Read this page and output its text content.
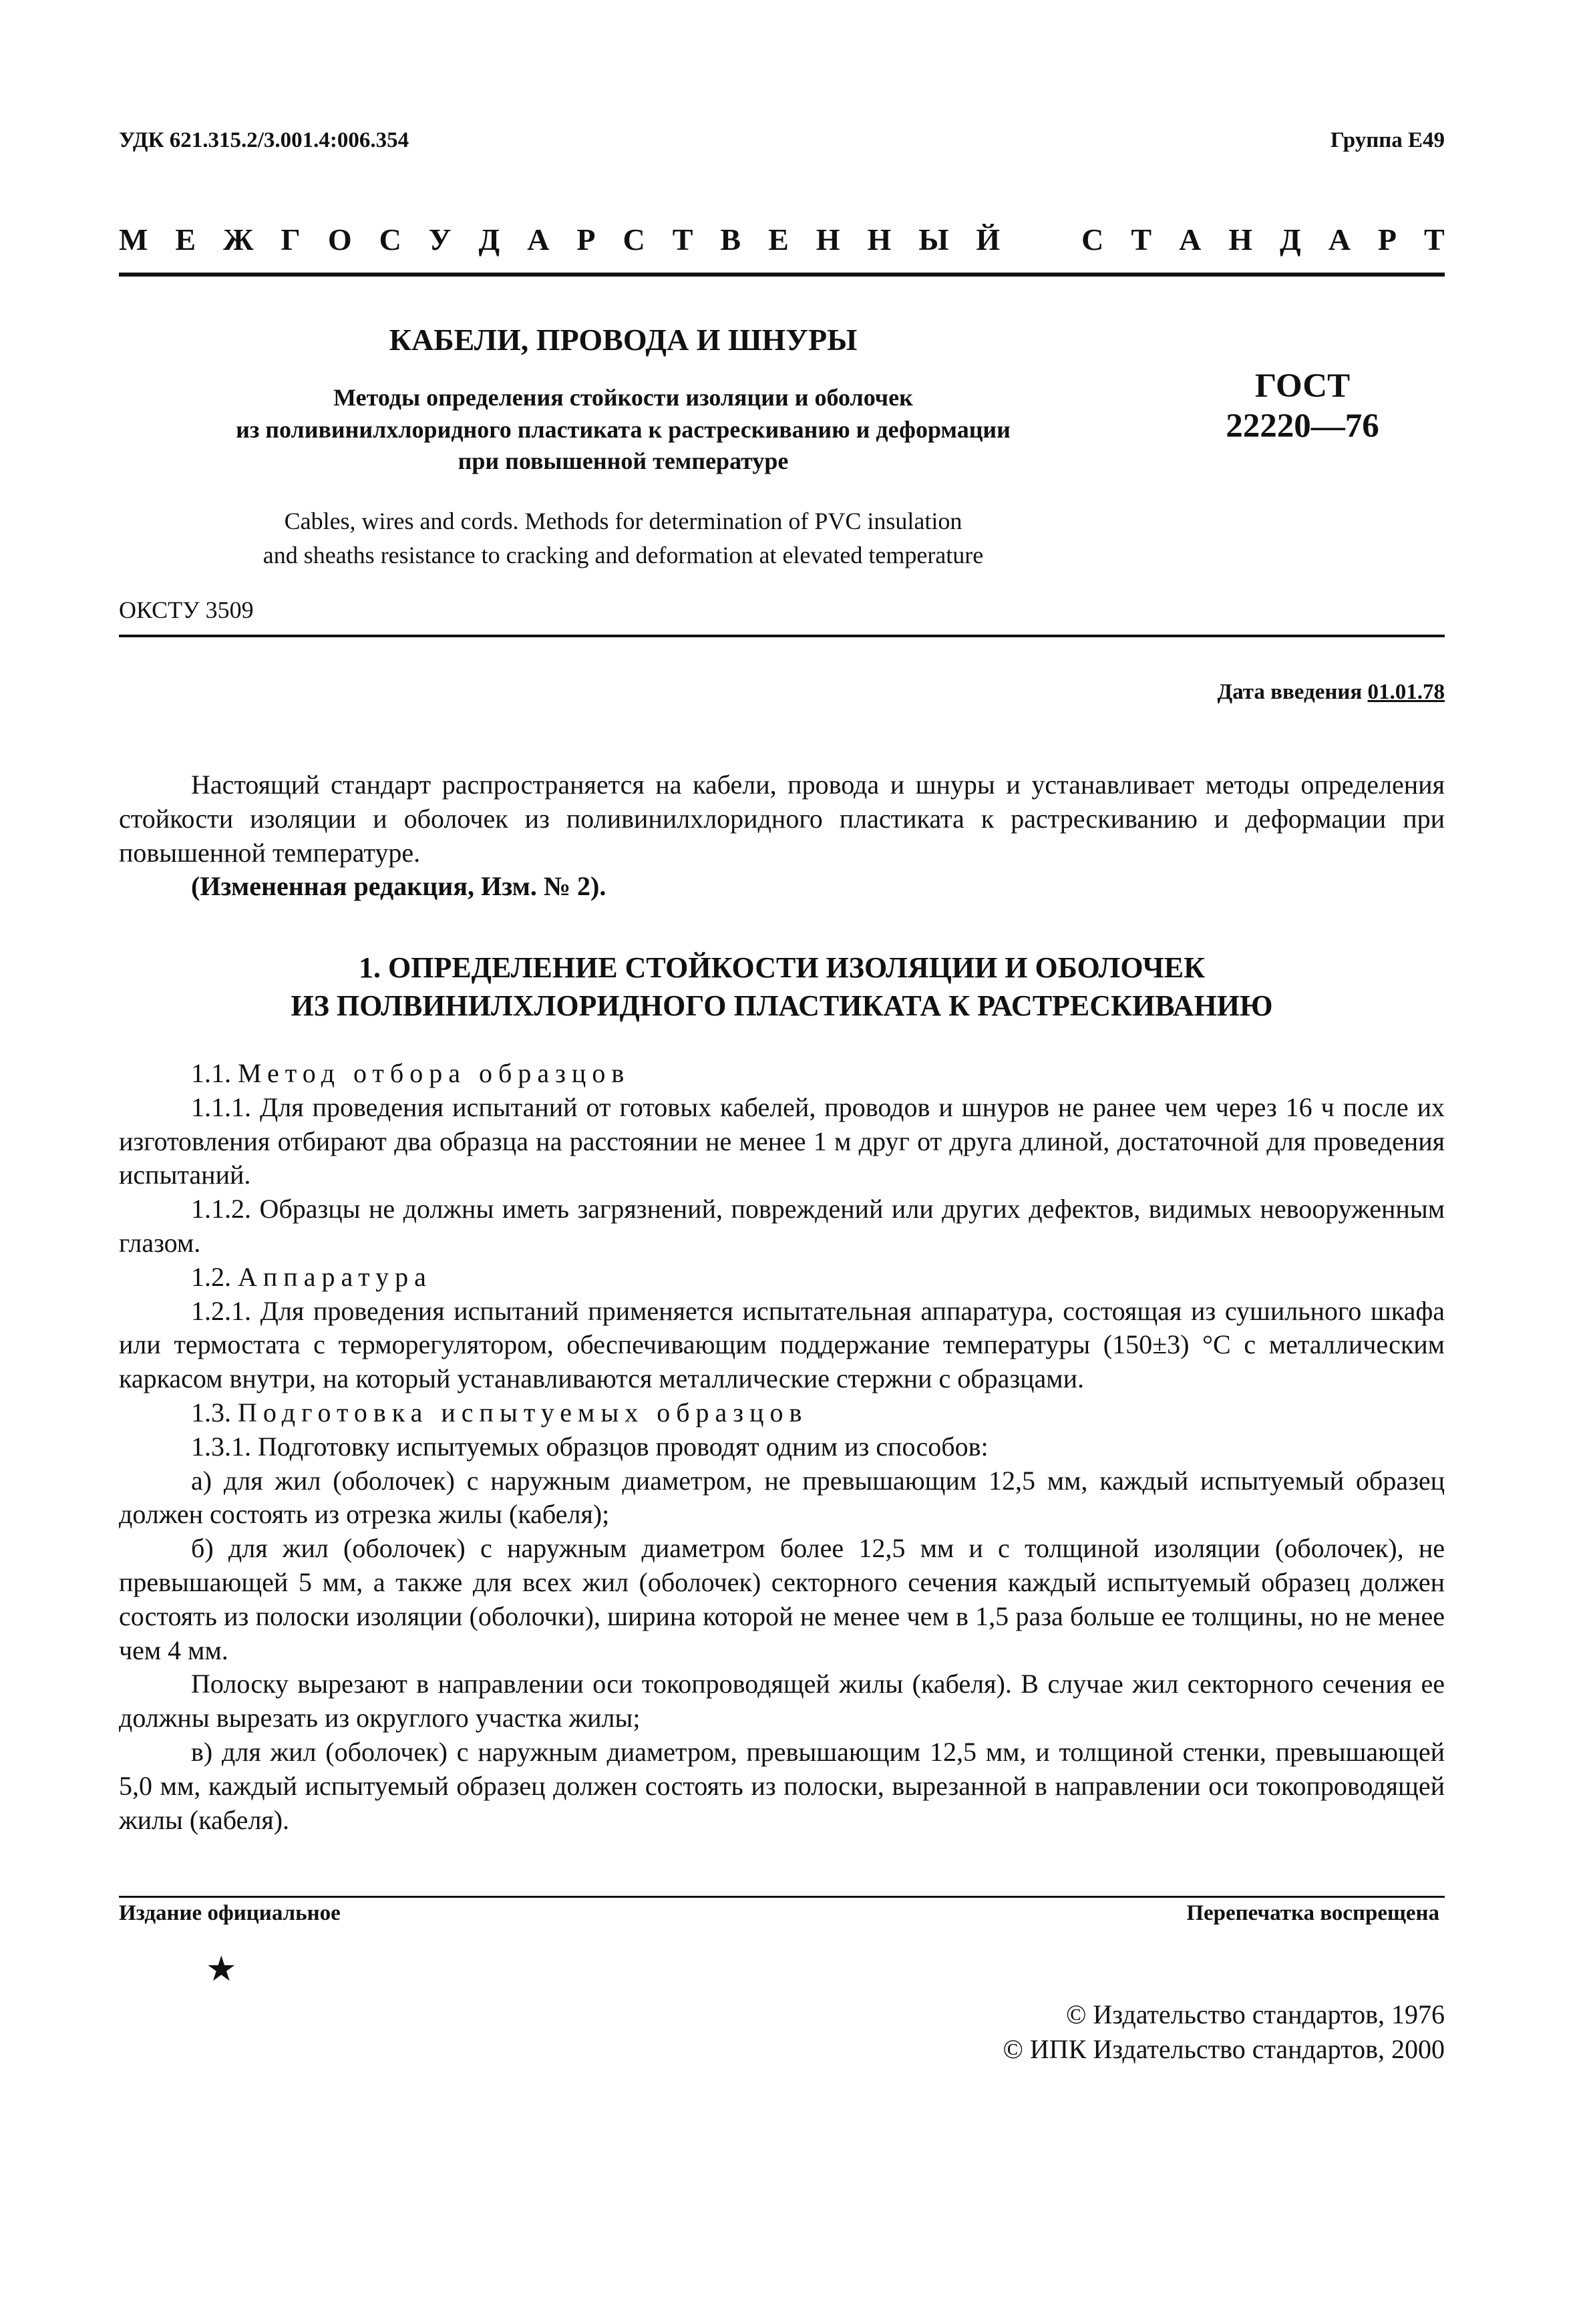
УДК 621.315.2/3.001.4:006.354	Группа Е49
М Е Ж Г О С У Д А Р С Т В Е Н Н Ы Й	С Т А Н Д А Р Т
КАБЕЛИ, ПРОВОДА И ШНУРЫ
Методы определения стойкости изоляции и оболочек
из поливинилхлоридного пластиката к растрескиванию и деформации
при повышенной температуре
ГОСТ
22220—76
Cables, wires and cords. Methods for determination of PVC insulation
and sheaths resistance to cracking and deformation at elevated temperature
ОКСТУ 3509
Дата введения 01.01.78

Настоящий стандарт распространяется на кабели, провода и шнуры и устанавливает методы определения стойкости изоляции и оболочек из поливинилхлоридного пластиката к растрескиванию и деформации при повышенной температуре.

(Измененная редакция, Изм. № 2).

1. ОПРЕДЕЛЕНИЕ СТОЙКОСТИ ИЗОЛЯЦИИ И ОБОЛОЧЕК
ИЗ ПОЛВИНИЛХЛОРИДНОГО ПЛАСТИКАТА К РАСТРЕСКИВАНИЮ

1.1. Метод отбора образцов

1.1.1. Для проведения испытаний от готовых кабелей, проводов и шнуров не ранее чем через 16 ч после их изготовления отбирают два образца на расстоянии не менее 1 м друг от друга длиной, достаточной для проведения испытаний.

1.1.2. Образцы не должны иметь загрязнений, повреждений или других дефектов, видимых невооруженным глазом.

1.2. Аппаратура

1.2.1. Для проведения испытаний применяется испытательная аппаратура, состоящая из сушильного шкафа или термостата с терморегулятором, обеспечивающим поддержание температуры (150±3) °С с металлическим каркасом внутри, на который устанавливаются металлические стержни с образцами.

1.3. Подготовка испытуемых образцов

1.3.1. Подготовку испытуемых образцов проводят одним из способов:

а) для жил (оболочек) с наружным диаметром, не превышающим 12,5 мм, каждый испытуемый образец должен состоять из отрезка жилы (кабеля);

б) для жил (оболочек) с наружным диаметром более 12,5 мм и с толщиной изоляции (оболочек), не превышающей 5 мм, а также для всех жил (оболочек) секторного сечения каждый испытуемый образец должен состоять из полоски изоляции (оболочки), ширина которой не менее чем в 1,5 раза больше ее толщины, но не менее чем 4 мм.

Полоску вырезают в направлении оси токопроводящей жилы (кабеля). В случае жил секторного сечения ее должны вырезать из округлого участка жилы;

в) для жил (оболочек) с наружным диаметром, превышающим 12,5 мм, и толщиной стенки, превышающей 5,0 мм, каждый испытуемый образец должен состоять из полоски, вырезанной в направлении оси токопроводящей жилы (кабеля).

Издание официальное	Перепечатка воспрещена
★
© Издательство стандартов, 1976
© ИПК Издательство стандартов, 2000
